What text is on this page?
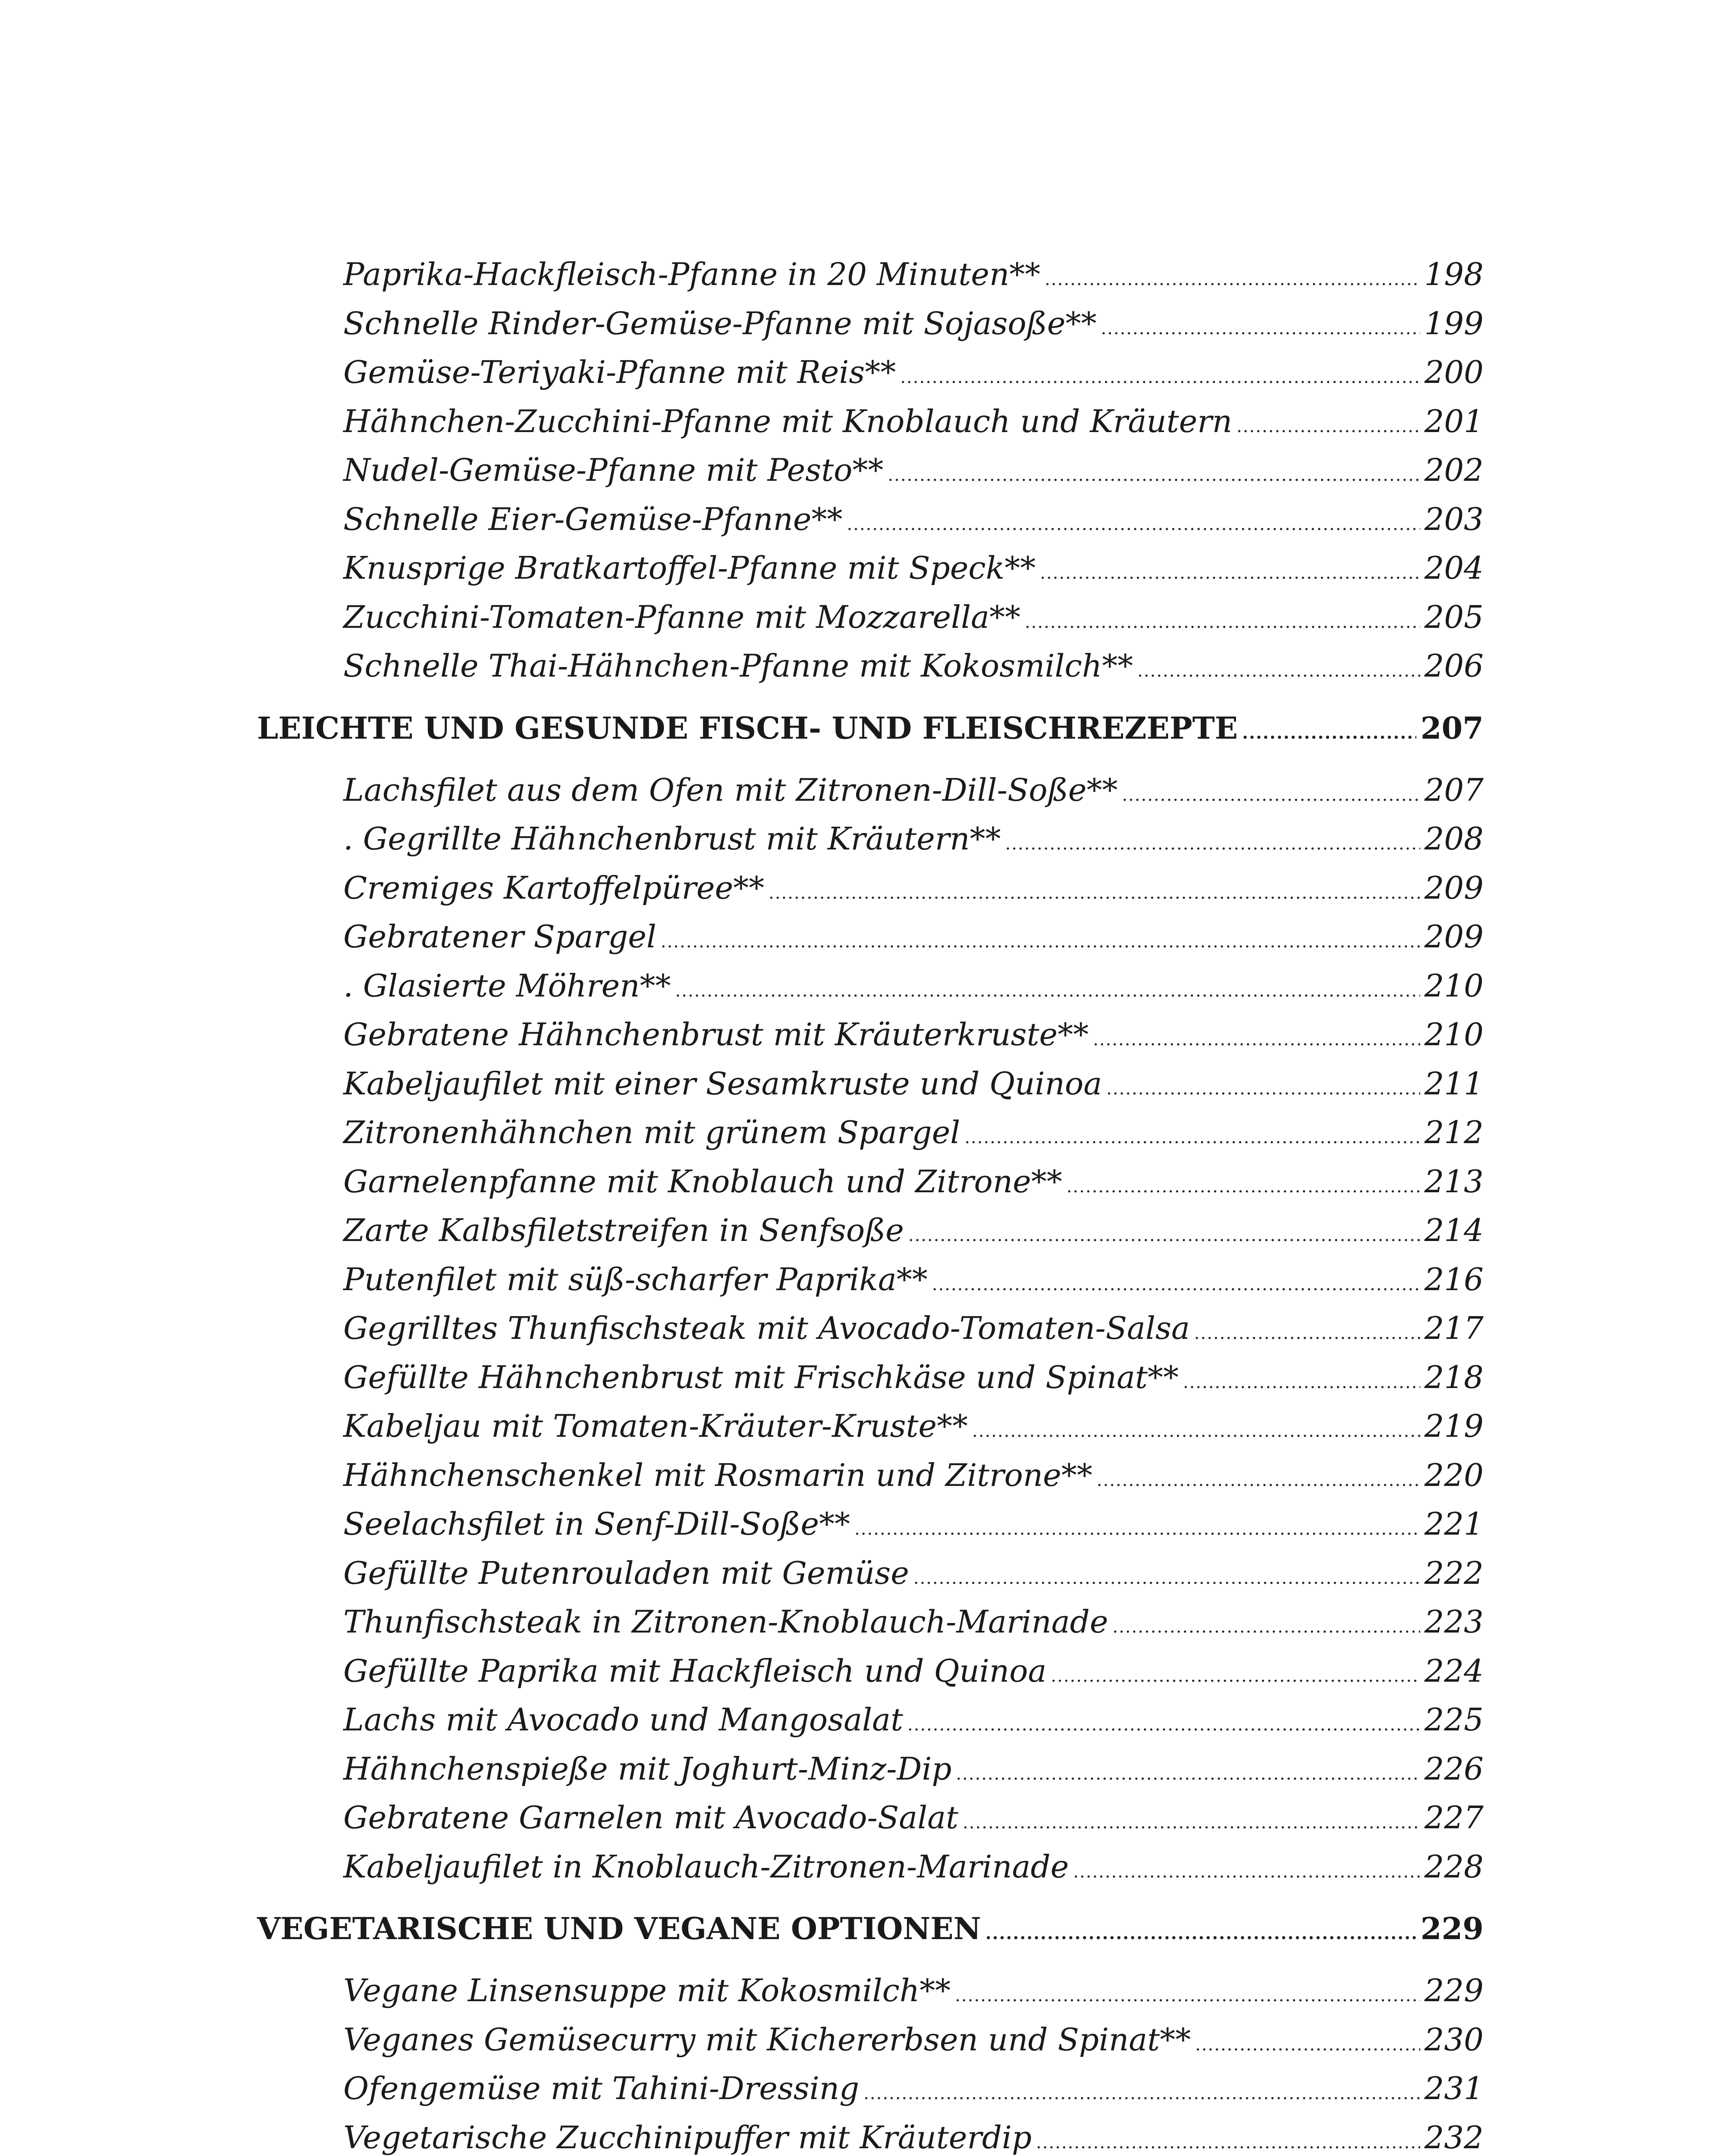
Paprika-Hackfleisch-Pfanne in 20 Minuten** .....	198
Schnelle Rinder-Gemüse-Pfanne mit Sojasoße** .....	199
Gemüse-Teriyaki-Pfanne mit Reis** .....	200
Hähnchen-Zucchini-Pfanne mit Knoblauch und Kräutern .....	201
Nudel-Gemüse-Pfanne mit Pesto** .....	202
Schnelle Eier-Gemüse-Pfanne** .....	203
Knusprige Bratkartoffel-Pfanne mit Speck** .....	204
Zucchini-Tomaten-Pfanne mit Mozzarella** .....	205
Schnelle Thai-Hähnchen-Pfanne mit Kokosmilch** .....	206
LEICHTE UND GESUNDE FISCH- UND FLEISCHREZEPTE .....	207
Lachsfilet aus dem Ofen mit Zitronen-Dill-Soße** .....	207
. Gegrillte Hähnchenbrust mit Kräutern** .....	208
Cremiges Kartoffelpüree** .....	209
Gebratener Spargel .....	209
. Glasierte Möhren** .....	210
Gebratene Hähnchenbrust mit Kräuterkruste** .....	210
Kabeljaufilet mit einer Sesamkruste und Quinoa .....	211
Zitronenhähnchen mit grünem Spargel .....	212
Garnelenpfanne mit Knoblauch und Zitrone** .....	213
Zarte Kalbsfiletstreifen in Senfsoße .....	214
Putenfilet mit süß-scharfer Paprika** .....	216
Gegrilltes Thunfischsteak mit Avocado-Tomaten-Salsa .....	217
Gefüllte Hähnchenbrust mit Frischkäse und Spinat** .....	218
Kabeljau mit Tomaten-Kräuter-Kruste** .....	219
Hähnchenschenkel mit Rosmarin und Zitrone** .....	220
Seelachsfilet in Senf-Dill-Soße** .....	221
Gefüllte Putenrouladen mit Gemüse .....	222
Thunfischsteak in Zitronen-Knoblauch-Marinade .....	223
Gefüllte Paprika mit Hackfleisch und Quinoa .....	224
Lachs mit Avocado und Mangosalat .....	225
Hähnchenspieße mit Joghurt-Minz-Dip .....	226
Gebratene Garnelen mit Avocado-Salat .....	227
Kabeljaufilet in Knoblauch-Zitronen-Marinade .....	228
VEGETARISCHE UND VEGANE OPTIONEN .....	229
Vegane Linsensuppe mit Kokosmilch** .....	229
Veganes Gemüsecurry mit Kichererbsen und Spinat** .....	230
Ofengemüse mit Tahini-Dressing .....	231
Vegetarische Zucchinipuffer mit Kräuterdip .....	232
